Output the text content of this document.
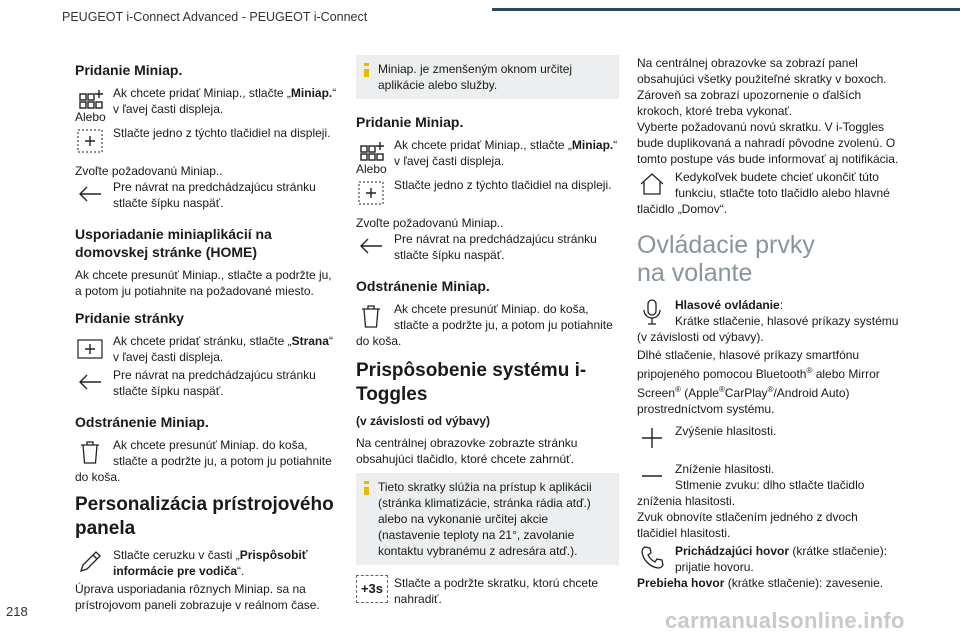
PEUGEOT i-Connect Advanced - PEUGEOT i-Connect
Pridanie Miniap.
Ak chcete pridať Miniap., stlačte „Miniap.“ v ľavej časti displeja.
Alebo
Stlačte jedno z týchto tlačidiel na displeji.
Zvoľte požadovanú Miniap..
Pre návrat na predchádzajúcu stránku stlačte šípku naspäť.
Usporiadanie miniaplikácií na domovskej stránke (HOME)
Ak chcete presunúť Miniap., stlačte a podržte ju, a potom ju potiahnite na požadované miesto.
Pridanie stránky
Ak chcete pridať stránku, stlačte „Strana“ v ľavej časti displeja.
Pre návrat na predchádzajúcu stránku stlačte šípku naspäť.
Odstránenie Miniap.
Ak chcete presunúť Miniap. do koša, stlačte a podržte ju, a potom ju potiahnite
do koša.
Personalizácia prístrojového panela
Stlačte ceruzku v časti „Prispôsobiť informácie pre vodiča“.
Úprava usporiadania rôznych Miniap. sa na prístrojovom paneli zobrazuje v reálnom čase.
Miniap. je zmenšeným oknom určitej aplikácie alebo služby.
Pridanie Miniap.
Ak chcete pridať Miniap., stlačte „Miniap.“ v ľavej časti displeja.
Alebo
Stlačte jedno z týchto tlačidiel na displeji.
Zvoľte požadovanú Miniap..
Pre návrat na predchádzajúcu stránku stlačte šípku naspäť.
Odstránenie Miniap.
Ak chcete presunúť Miniap. do koša, stlačte a podržte ju, a potom ju potiahnite
do koša.
Prispôsobenie systému i-Toggles
(v závislosti od výbavy)
Na centrálnej obrazovke zobrazte stránku obsahujúci tlačidlo, ktoré chcete zahrnúť.
Tieto skratky slúžia na prístup k aplikácii (stránka klimatizácie, stránka rádia atď.) alebo na vykonanie určitej akcie (nastavenie teploty na 21°, zavolanie kontaktu vybranému z adresára atď.).
+3s Stlačte a podržte skratku, ktorú chcete nahradiť.
Na centrálnej obrazovke sa zobrazí panel obsahujúci všetky použiteľné skratky v boxoch. Zároveň sa zobrazí upozornenie o ďalších krokoch, ktoré treba vykonať.
Vyberte požadovanú novú skratku. V i-Toggles bude duplikovaná a nahradí pôvodne zvolenú. O tomto postupe vás bude informovať aj notifikácia.
Kedykoľvek budete chcieť ukončiť túto funkciu, stlačte toto tlačidlo alebo hlavné
tlačidlo „Domov“.
Ovládacie prvky
na volante
Hlasové ovládanie:
Krátke stlačenie, hlasové príkazy systému
(v závislosti od výbavy).
Dlhé stlačenie, hlasové príkazy smartfónu pripojeného pomocou Bluetooth® alebo Mirror Screen® (Apple®CarPlay®/Android Auto) prostredníctvom systému.
Zvýšenie hlasitosti.
Zníženie hlasitosti.
Stlmenie zvuku: dlho stlačte tlačidlo
zníženia hlasitosti.
Zvuk obnovíte stlačením jedného z dvoch tlačidiel hlasitosti.
Prichádzajúci hovor (krátke stlačenie): prijatie hovoru.
Prebieha hovor (krátke stlačenie): zavesenie.
218	carmanualsonline.info
